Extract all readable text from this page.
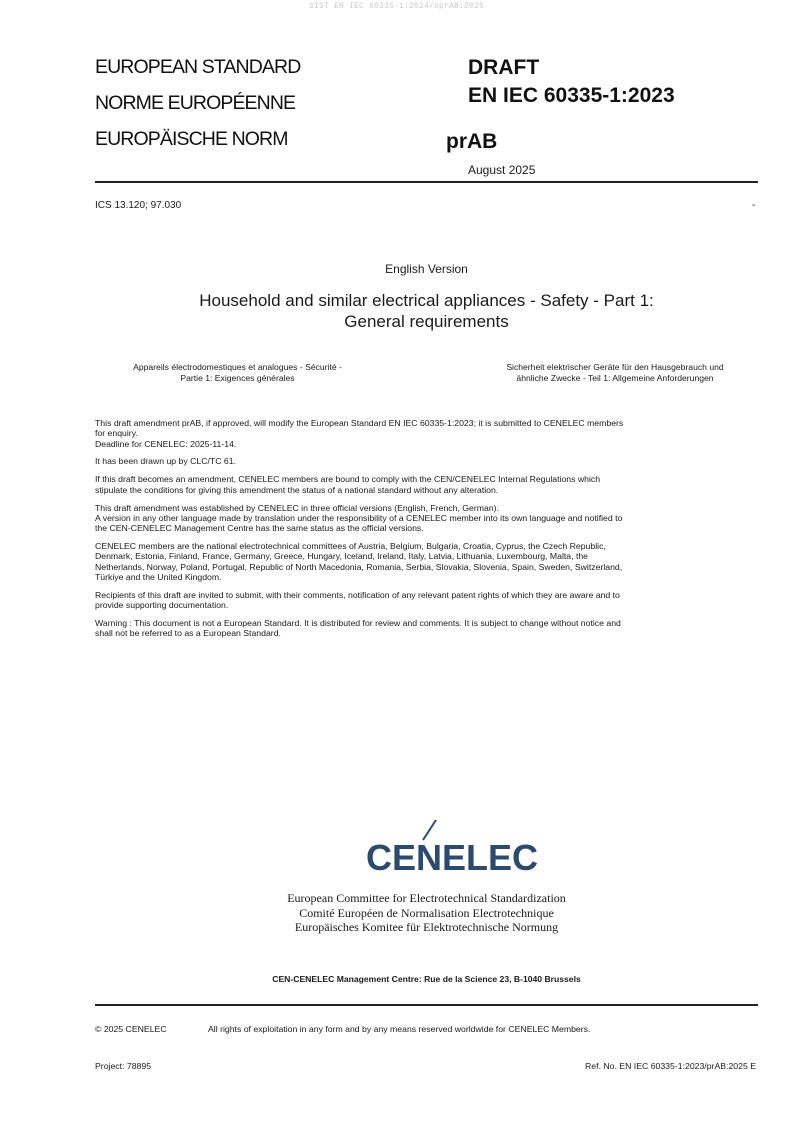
SIST EN IEC 60335-1:2024/oprAB:2025
EUROPEAN STANDARD
NORME EUROPÉENNE
EUROPÄISCHE NORM
DRAFT
EN IEC 60335-1:2023
prAB
August 2025
ICS 13.120; 97.030	-
English Version
Household and similar electrical appliances - Safety - Part 1:
General requirements
Appareils électrodomestiques et analogues - Sécurité -
Partie 1: Exigences générales
Sicherheit elektrischer Geräte für den Hausgebrauch und
ähnliche Zwecke - Teil 1: Allgemeine Anforderungen

This draft amendment prAB, if approved, will modify the European Standard EN IEC 60335-1:2023; it is submitted to CENELEC members
for enquiry.
Deadline for CENELEC: 2025-11-14.

It has been drawn up by CLC/TC 61.

If this draft becomes an amendment, CENELEC members are bound to comply with the CEN/CENELEC Internal Regulations which
stipulate the conditions for giving this amendment the status of a national standard without any alteration.

This draft amendment was established by CENELEC in three official versions (English, French, German).
A version in any other language made by translation under the responsibility of a CENELEC member into its own language and notified to
the CEN-CENELEC Management Centre has the same status as the official versions.

CENELEC members are the national electrotechnical committees of Austria, Belgium, Bulgaria, Croatia, Cyprus, the Czech Republic,
Denmark, Estonia, Finland, France, Germany, Greece, Hungary, Iceland, Ireland, Italy, Latvia, Lithuania, Luxembourg, Malta, the
Netherlands, Norway, Poland, Portugal, Republic of North Macedonia, Romania, Serbia, Slovakia, Slovenia, Spain, Sweden, Switzerland,
Türkiye and the United Kingdom.

Recipients of this draft are invited to submit, with their comments, notification of any relevant patent rights of which they are aware and to
provide supporting documentation.

Warning : This document is not a European Standard. It is distributed for review and comments. It is subject to change without notice and
shall not be referred to as a European Standard.

CENELEC
European Committee for Electrotechnical Standardization
Comité Européen de Normalisation Electrotechnique
Europäisches Komitee für Elektrotechnische Normung
CEN-CENELEC Management Centre: Rue de la Science 23, B-1040 Brussels
© 2025 CENELEC	All rights of exploitation in any form and by any means reserved worldwide for CENELEC Members.
Project: 78895	Ref. No. EN IEC 60335-1:2023/prAB:2025 E
